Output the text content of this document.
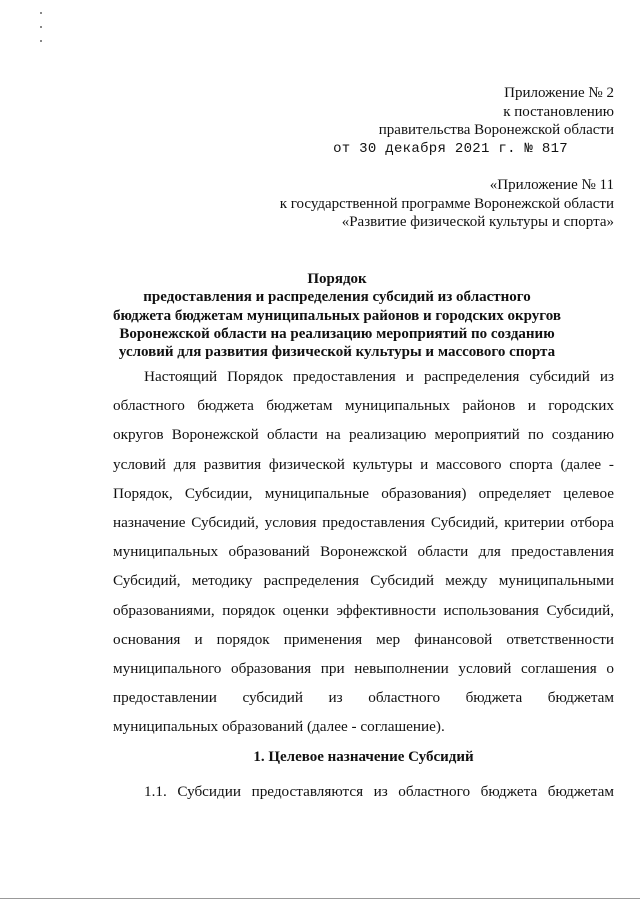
Приложение № 2
к постановлению
правительства Воронежской области
от 30 декабря 2021 г. № 817
«Приложение № 11
к государственной программе Воронежской области
«Развитие физической культуры и спорта»
Порядок
предоставления и распределения субсидий из областного
бюджета бюджетам муниципальных районов и городских округов
Воронежской области на реализацию мероприятий по созданию
условий для развития физической культуры и массового спорта

Настоящий Порядок предоставления и распределения субсидий из областного бюджета бюджетам муниципальных районов и городских округов Воронежской области на реализацию мероприятий по созданию условий для развития физической культуры и массового спорта (далее - Порядок, Субсидии, муниципальные образования) определяет целевое назначение Субсидий, условия предоставления Субсидий, критерии отбора муниципальных образований Воронежской области для предоставления Субсидий, методику распределения Субсидий между муниципальными образованиями, порядок оценки эффективности использования Субсидий, основания и порядок применения мер финансовой ответственности муниципального образования при невыполнении условий соглашения о предоставлении субсидий из областного бюджета бюджетам муниципальных образований (далее - соглашение).

1. Целевое назначение Субсидий

1.1. Субсидии предоставляются из областного бюджета бюджетам
